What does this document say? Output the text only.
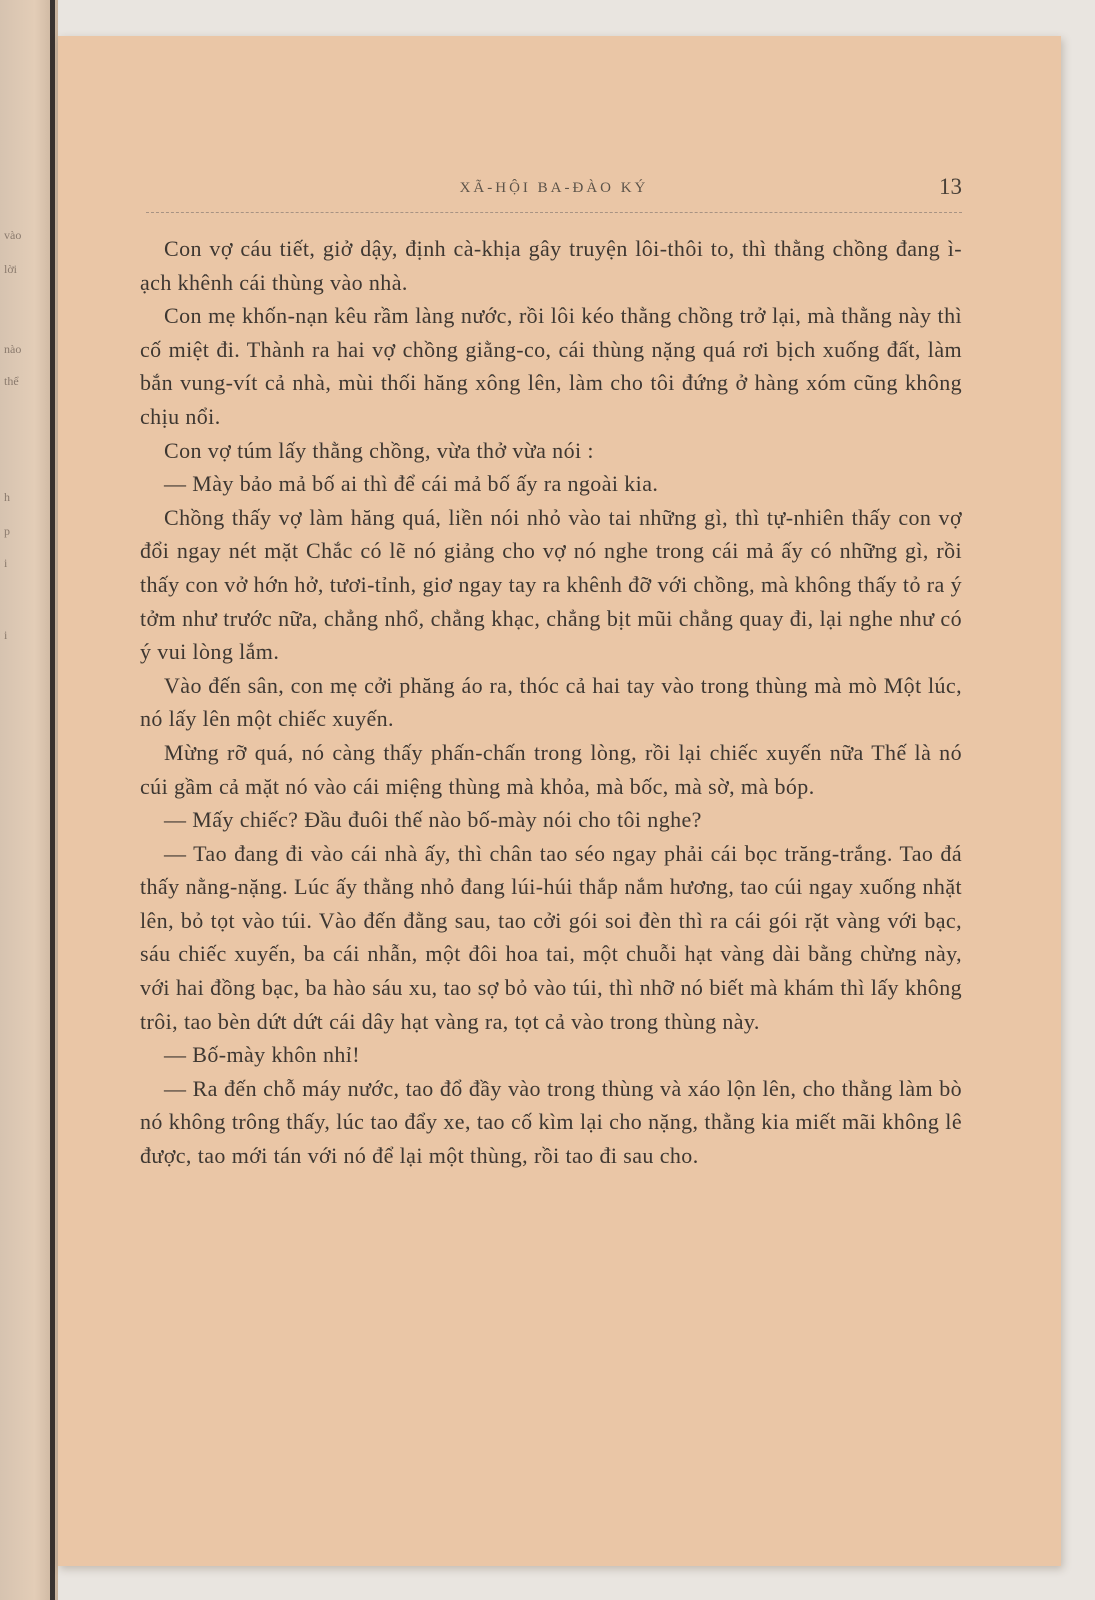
vào
lời
nào
thể
h
p
i
i
XÃ-HỘI BA-ĐÀO KÝ	13

Con vợ cáu tiết, giở dậy, định cà-khịa gây truyện lôi-thôi to, thì thằng chồng đang ì-ạch khênh cái thùng vào nhà.

Con mẹ khốn-nạn kêu rầm làng nước, rồi lôi kéo thằng chồng trở lại, mà thằng này thì cố miệt đi. Thành ra hai vợ chồng giằng-co, cái thùng nặng quá rơi bịch xuống đất, làm bắn vung-vít cả nhà, mùi thối hăng xông lên, làm cho tôi đứng ở hàng xóm cũng không chịu nổi.

Con vợ túm lấy thằng chồng, vừa thở vừa nói :

— Mày bảo mả bố ai thì để cái mả bố ấy ra ngoài kia.

Chồng thấy vợ làm hăng quá, liền nói nhỏ vào tai những gì, thì tự-nhiên thấy con vợ đổi ngay nét mặt Chắc có lẽ nó giảng cho vợ nó nghe trong cái mả ấy có những gì, rồi thấy con vở hớn hở, tươi-tỉnh, giơ ngay tay ra khênh đỡ với chồng, mà không thấy tỏ ra ý tởm như trước nữa, chẳng nhổ, chẳng khạc, chẳng bịt mũi chẳng quay đi, lại nghe như có ý vui lòng lắm.

Vào đến sân, con mẹ cởi phăng áo ra, thóc cả hai tay vào trong thùng mà mò Một lúc, nó lấy lên một chiếc xuyến.

Mừng rỡ quá, nó càng thấy phấn-chấn trong lòng, rồi lại chiếc xuyến nữa Thế là nó cúi gầm cả mặt nó vào cái miệng thùng mà khỏa, mà bốc, mà sờ, mà bóp.

— Mấy chiếc? Đầu đuôi thế nào bố-mày nói cho tôi nghe?

— Tao đang đi vào cái nhà ấy, thì chân tao séo ngay phải cái bọc trăng-trắng. Tao đá thấy nằng-nặng. Lúc ấy thằng nhỏ đang lúi-húi thắp nắm hương, tao cúi ngay xuống nhặt lên, bỏ tọt vào túi. Vào đến đằng sau, tao cởi gói soi đèn thì ra cái gói rặt vàng với bạc, sáu chiếc xuyến, ba cái nhẫn, một đôi hoa tai, một chuỗi hạt vàng dài bằng chừng này, với hai đồng bạc, ba hào sáu xu, tao sợ bỏ vào túi, thì nhỡ nó biết mà khám thì lấy không trôi, tao bèn dứt dứt cái dây hạt vàng ra, tọt cả vào trong thùng này.

— Bố-mày khôn nhỉ!

— Ra đến chỗ máy nước, tao đổ đầy vào trong thùng và xáo lộn lên, cho thằng làm bò nó không trông thấy, lúc tao đẩy xe, tao cố kìm lại cho nặng, thằng kia miết mãi không lê được, tao mới tán với nó để lại một thùng, rồi tao đi sau cho.
